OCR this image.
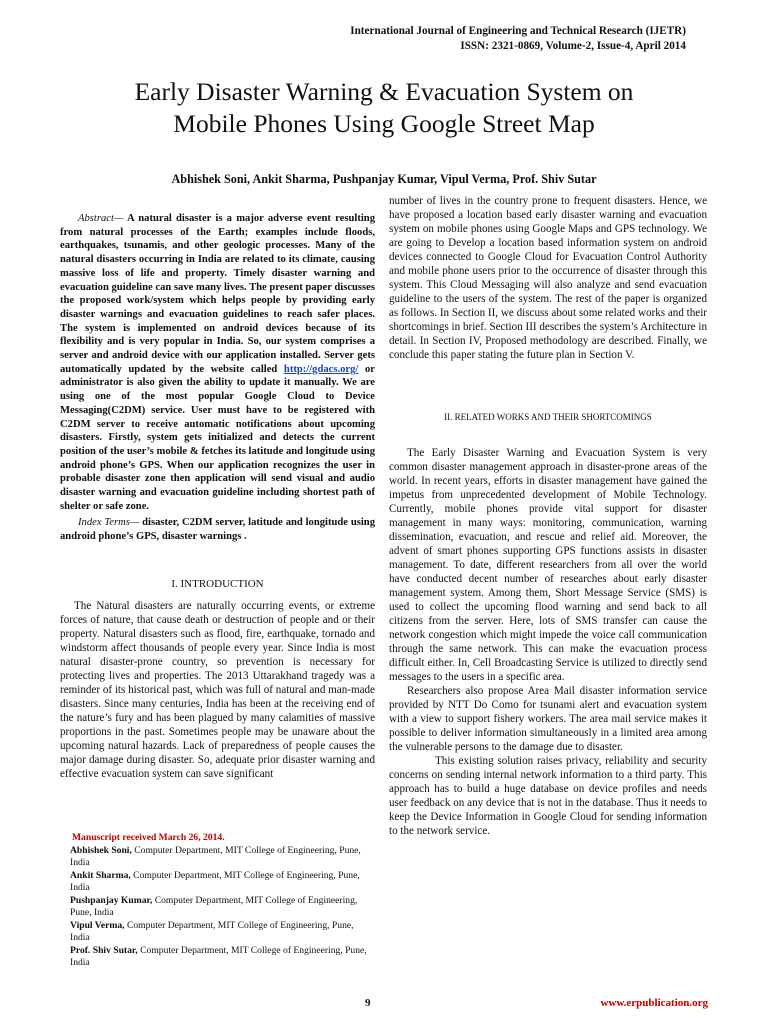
International Journal of Engineering and Technical Research (IJETR)
ISSN: 2321-0869, Volume-2, Issue-4, April 2014
Early Disaster Warning & Evacuation System on
Mobile Phones Using Google Street Map
Abhishek Soni, Ankit Sharma, Pushpanjay Kumar, Vipul Verma, Prof. Shiv Sutar

Abstract— A natural disaster is a major adverse event resulting from natural processes of the Earth; examples include floods, earthquakes, tsunamis, and other geologic processes. Many of the natural disasters occurring in India are related to its climate, causing massive loss of life and property. Timely disaster warning and evacuation guideline can save many lives. The present paper discusses the proposed work/system which helps people by providing early disaster warnings and evacuation guidelines to reach safer places. The system is implemented on android devices because of its flexibility and is very popular in India. So, our system comprises a server and android device with our application installed. Server gets automatically updated by the website called http://gdacs.org/ or administrator is also given the ability to update it manually. We are using one of the most popular Google Cloud to Device Messaging(C2DM) service. User must have to be registered with C2DM server to receive automatic notifications about upcoming disasters. Firstly, system gets initialized and detects the current position of the user’s mobile & fetches its latitude and longitude using android phone’s GPS. When our application recognizes the user in probable disaster zone then application will send visual and audio disaster warning and evacuation guideline including shortest path of shelter or safe zone.

Index Terms— disaster, C2DM server, latitude and longitude using android phone’s GPS, disaster warnings .

I. INTRODUCTION

The Natural disasters are naturally occurring events, or extreme forces of nature, that cause death or destruction of people and or their property. Natural disasters such as flood, fire, earthquake, tornado and windstorm affect thousands of people every year. Since India is most natural disaster-prone country, so prevention is necessary for protecting lives and properties. The 2013 Uttarakhand tragedy was a reminder of its historical past, which was full of natural and man-made disasters. Since many centuries, India has been at the receiving end of the nature’s fury and has been plagued by many calamities of massive proportions in the past. Sometimes people may be unaware about the upcoming natural hazards. Lack of preparedness of people causes the major damage during disaster. So, adequate prior disaster warning and effective evacuation system can save significant

Manuscript received March 26, 2014.

Abhishek Soni, Computer Department, MIT College of Engineering, Pune, India

Ankit Sharma, Computer Department, MIT College of Engineering, Pune, India

Pushpanjay Kumar, Computer Department, MIT College of Engineering, Pune, India

Vipul Verma, Computer Department, MIT College of Engineering, Pune, India

Prof. Shiv Sutar, Computer Department, MIT College of Engineering, Pune, India

number of lives in the country prone to frequent disasters. Hence, we have proposed a location based early disaster warning and evacuation system on mobile phones using Google Maps and GPS technology. We are going to Develop a location based information system on android devices connected to Google Cloud for Evacuation Control Authority and mobile phone users prior to the occurrence of disaster through this system. This Cloud Messaging will also analyze and send evacuation guideline to the users of the system. The rest of the paper is organized as follows. In Section II, we discuss about some related works and their shortcomings in brief. Section III describes the system’s Architecture in detail. In Section IV, Proposed methodology are described. Finally, we conclude this paper stating the future plan in Section V.

II. RELATED WORKS AND THEIR SHORTCOMINGS

The Early Disaster Warning and Evacuation System is very common disaster management approach in disaster-prone areas of the world. In recent years, efforts in disaster management have gained the impetus from unprecedented development of Mobile Technology. Currently, mobile phones provide vital support for disaster management in many ways: monitoring, communication, warning dissemination, evacuation, and rescue and relief aid. Moreover, the advent of smart phones supporting GPS functions assists in disaster management. To date, different researchers from all over the world have conducted decent number of researches about early disaster management system. Among them, Short Message Service (SMS) is used to collect the upcoming flood warning and send back to all citizens from the server. Here, lots of SMS transfer can cause the network congestion which might impede the voice call communication through the same network. This can make the evacuation process difficult either. In, Cell Broadcasting Service is utilized to directly send messages to the users in a specific area.

Researchers also propose Area Mail disaster information service provided by NTT Do Como for tsunami alert and evacuation system with a view to support fishery workers. The area mail service makes it possible to deliver information simultaneously in a limited area among the vulnerable persons to the damage due to disaster.

This existing solution raises privacy, reliability and security concerns on sending internal network information to a third party. This approach has to build a huge database on device profiles and needs user feedback on any device that is not in the database. Thus it needs to keep the Device Information in Google Cloud for sending information to the network service.

9	www.erpublication.org
